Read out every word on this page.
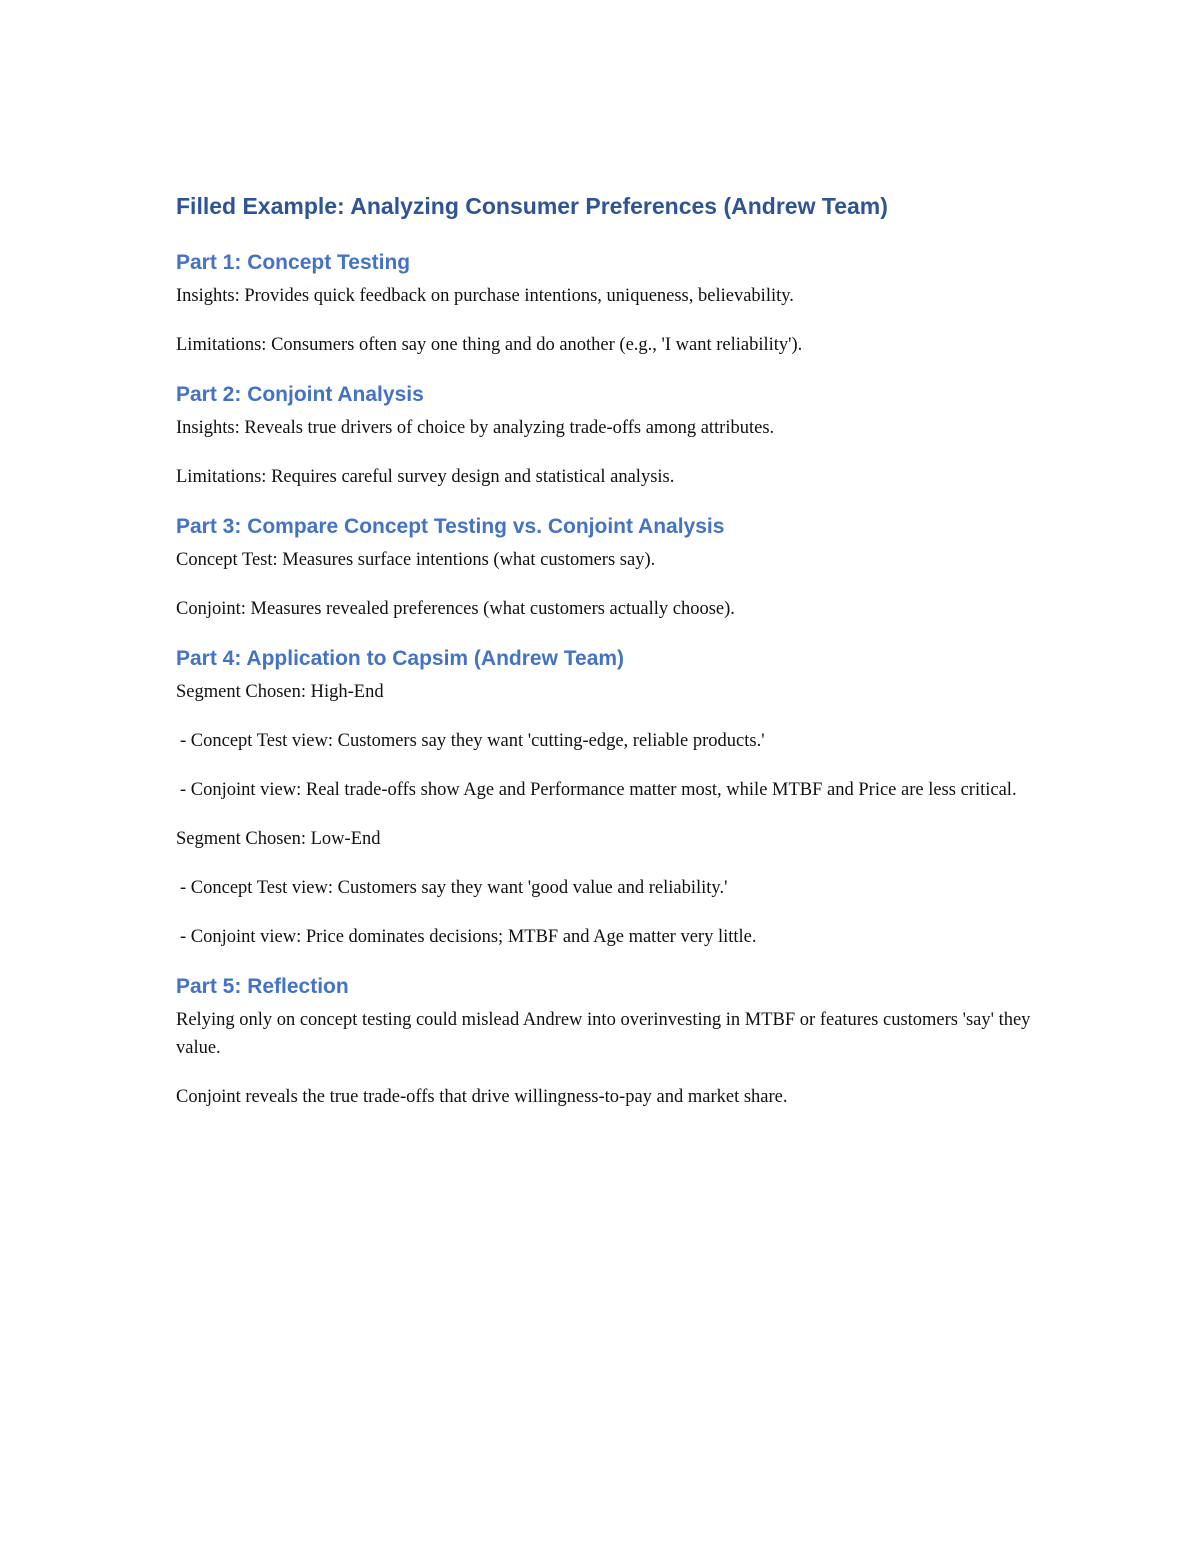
Filled Example: Analyzing Consumer Preferences (Andrew Team)
Part 1: Concept Testing
Insights: Provides quick feedback on purchase intentions, uniqueness, believability.
Limitations: Consumers often say one thing and do another (e.g., 'I want reliability').
Part 2: Conjoint Analysis
Insights: Reveals true drivers of choice by analyzing trade-offs among attributes.
Limitations: Requires careful survey design and statistical analysis.
Part 3: Compare Concept Testing vs. Conjoint Analysis
Concept Test: Measures surface intentions (what customers say).
Conjoint: Measures revealed preferences (what customers actually choose).
Part 4: Application to Capsim (Andrew Team)
Segment Chosen: High-End
- Concept Test view: Customers say they want 'cutting-edge, reliable products.'
- Conjoint view: Real trade-offs show Age and Performance matter most, while MTBF and Price are less critical.
Segment Chosen: Low-End
- Concept Test view: Customers say they want 'good value and reliability.'
- Conjoint view: Price dominates decisions; MTBF and Age matter very little.
Part 5: Reflection
Relying only on concept testing could mislead Andrew into overinvesting in MTBF or features customers 'say' they value.
Conjoint reveals the true trade-offs that drive willingness-to-pay and market share.
